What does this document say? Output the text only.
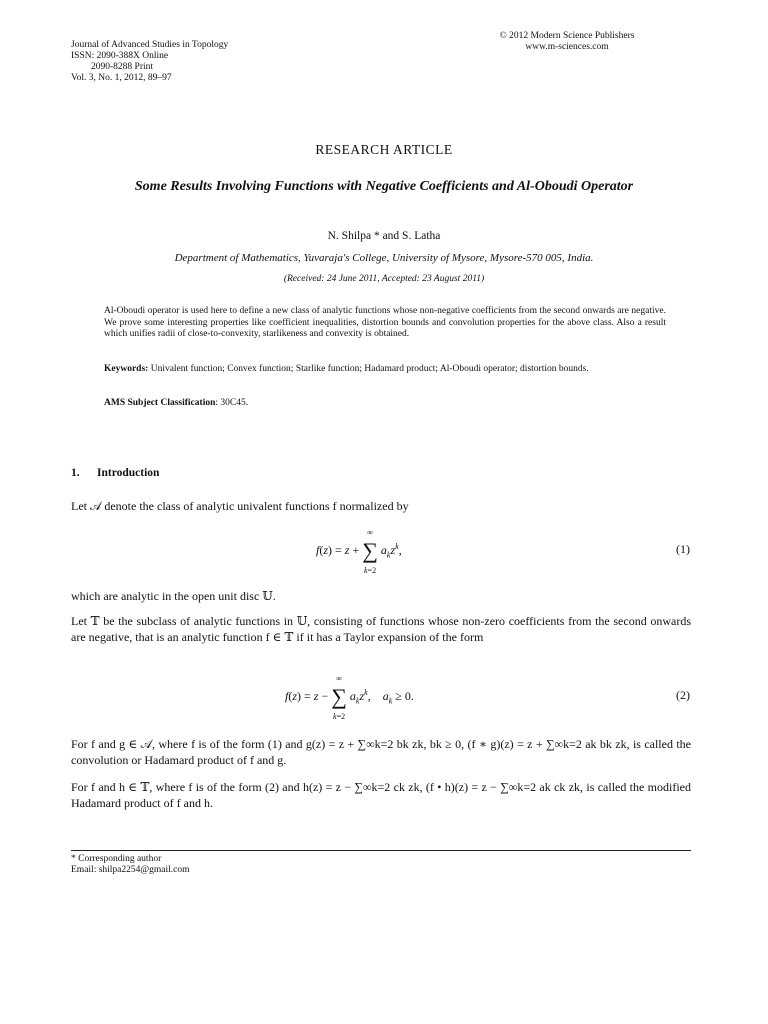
Journal of Advanced Studies in Topology
ISSN: 2090-388X Online
2090-8288 Print
Vol. 3, No. 1, 2012, 89–97
© 2012 Modern Science Publishers
www.m-sciences.com
RESEARCH ARTICLE
Some Results Involving Functions with Negative Coefficients and Al-Oboudi Operator
N. Shilpa * and S. Latha
Department of Mathematics, Yuvaraja's College, University of Mysore, Mysore-570 005, India.
(Received: 24 June 2011, Accepted: 23 August 2011)
Al-Oboudi operator is used here to define a new class of analytic functions whose non-negative coefficients from the second onwards are negative. We prove some interesting properties like coefficient inequalities, distortion bounds and convolution properties for the above class. Also a result which unifies radii of close-to-convexity, starlikeness and convexity is obtained.
Keywords: Univalent function; Convex function; Starlike function; Hadamard product; Al-Oboudi operator; distortion bounds.
AMS Subject Classification: 30C45.
1. Introduction
Let 𝒜 denote the class of analytic univalent functions f normalized by
f(z) = z +
∞
∑
k=2
$a_kz^k$,	(1)
which are analytic in the open unit disc 𝕌.
Let 𝕋 be the subclass of analytic functions in 𝕌, consisting of functions whose non-zero coefficients from the second onwards are negative, that is an analytic function f ∈ 𝕋 if it has a Taylor expansion of the form
f(z) = z −
∞
∑
k=2
$a_kz^k$,    $a_k \ge 0$.	(2)
For f and g ∈ 𝒜, where f is of the form (1) and g(z) = z + ∑∞k=2 bk zk, bk ≥ 0, (f ∗ g)(z) = z + ∑∞k=2 ak bk zk, is called the convolution or Hadamard product of f and g.
For f and h ∈ 𝕋, where f is of the form (2) and h(z) = z − ∑∞k=2 ck zk, (f • h)(z) = z − ∑∞k=2 ak ck zk, is called the modified Hadamard product of f and h.
* Corresponding author
Email: shilpa2254@gmail.com
